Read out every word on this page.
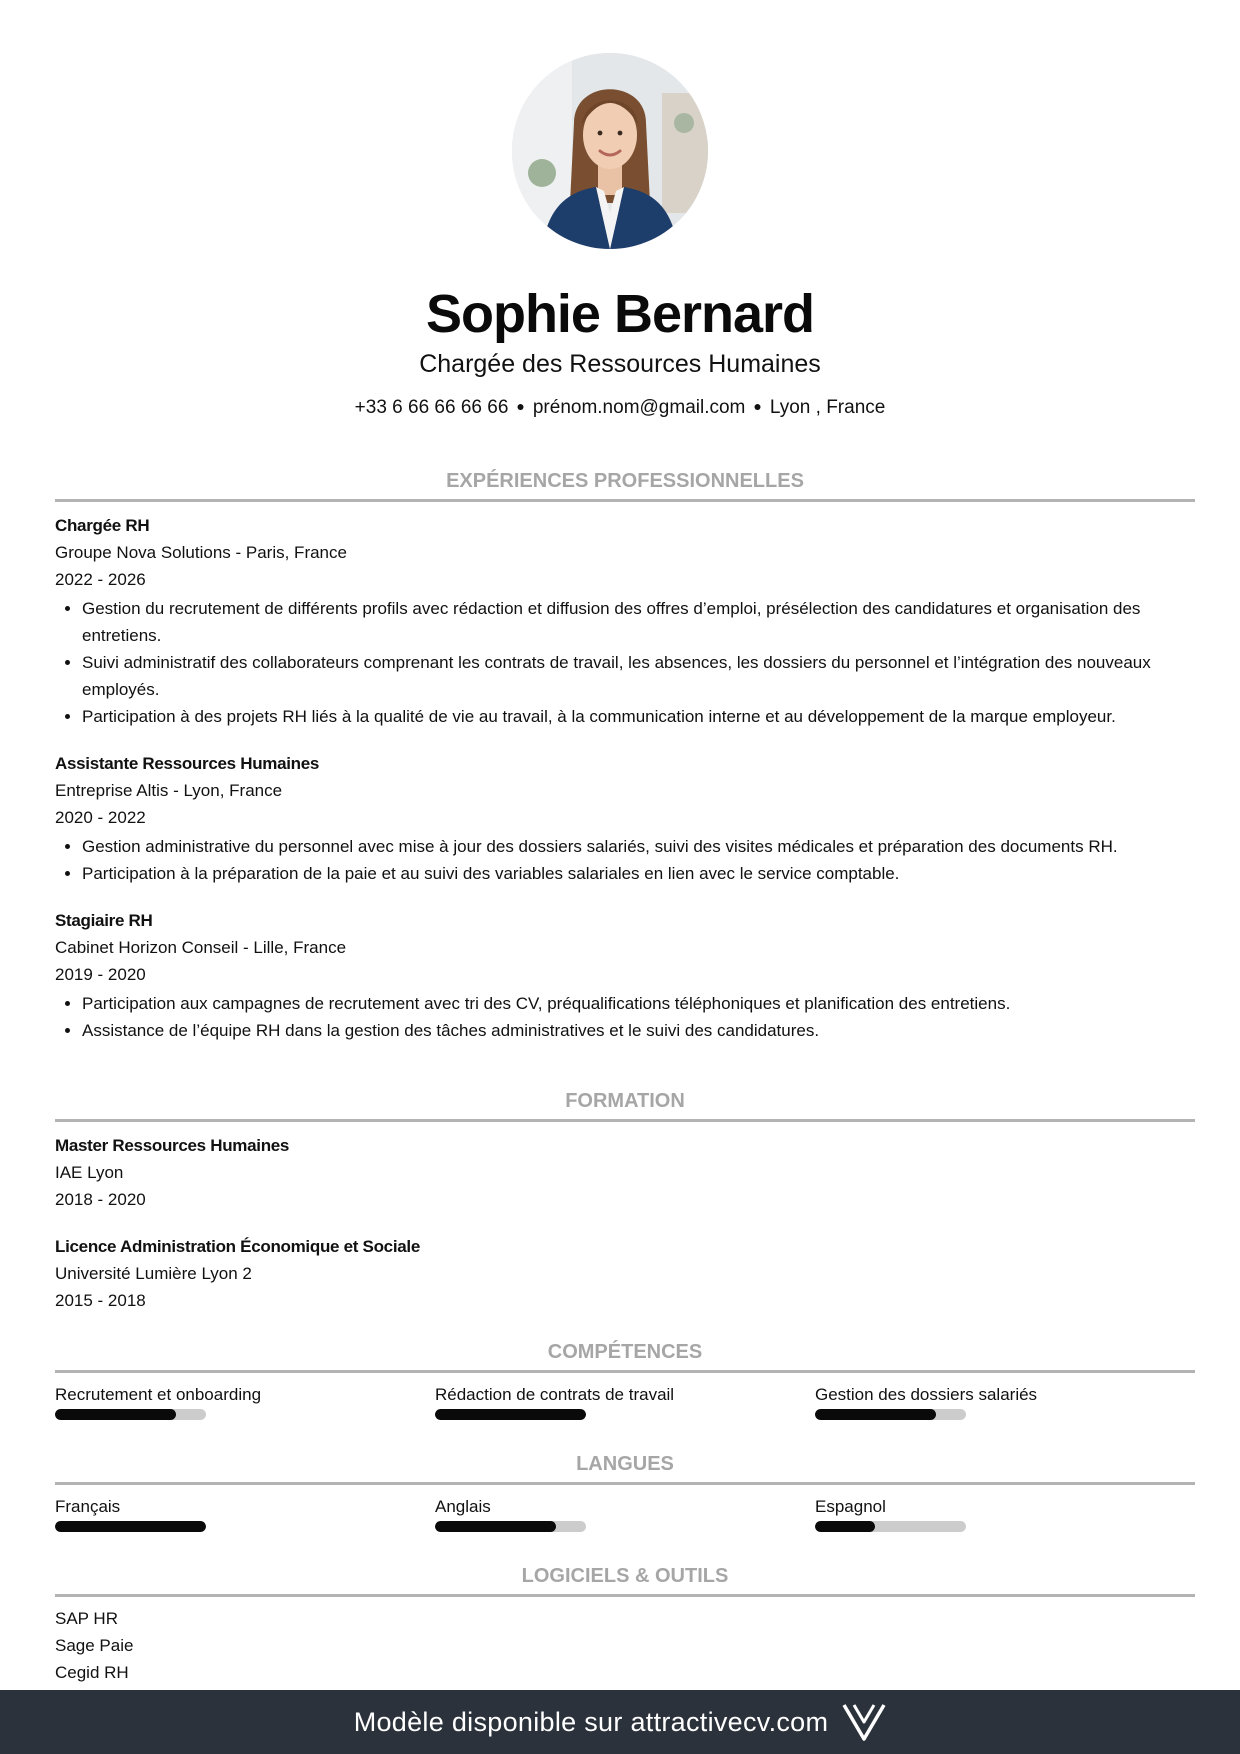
Sophie Bernard
Chargée des Ressources Humaines
+33 6 66 66 66 66 ● prénom.nom@gmail.com ● Lyon , France
EXPÉRIENCES PROFESSIONNELLES
Chargée RH
Groupe Nova Solutions - Paris, France
2022 - 2026
• Gestion du recrutement de différents profils avec rédaction et diffusion des offres d’emploi, présélection des candidatures et organisation des entretiens.
• Suivi administratif des collaborateurs comprenant les contrats de travail, les absences, les dossiers du personnel et l’intégration des nouveaux employés.
• Participation à des projets RH liés à la qualité de vie au travail, à la communication interne et au développement de la marque employeur.
Assistante Ressources Humaines
Entreprise Altis - Lyon, France
2020 - 2022
• Gestion administrative du personnel avec mise à jour des dossiers salariés, suivi des visites médicales et préparation des documents RH.
• Participation à la préparation de la paie et au suivi des variables salariales en lien avec le service comptable.
Stagiaire RH
Cabinet Horizon Conseil - Lille, France
2019 - 2020
• Participation aux campagnes de recrutement avec tri des CV, préqualifications téléphoniques et planification des entretiens.
• Assistance de l’équipe RH dans la gestion des tâches administratives et le suivi des candidatures.
FORMATION
Master Ressources Humaines
IAE Lyon
2018 - 2020
Licence Administration Économique et Sociale
Université Lumière Lyon 2
2015 - 2018
COMPÉTENCES
Recrutement et onboarding	Rédaction de contrats de travail	Gestion des dossiers salariés
LANGUES
Français	Anglais	Espagnol
LOGICIELS & OUTILS
SAP HR
Sage Paie
Cegid RH
Modèle disponible sur attractivecv.com
